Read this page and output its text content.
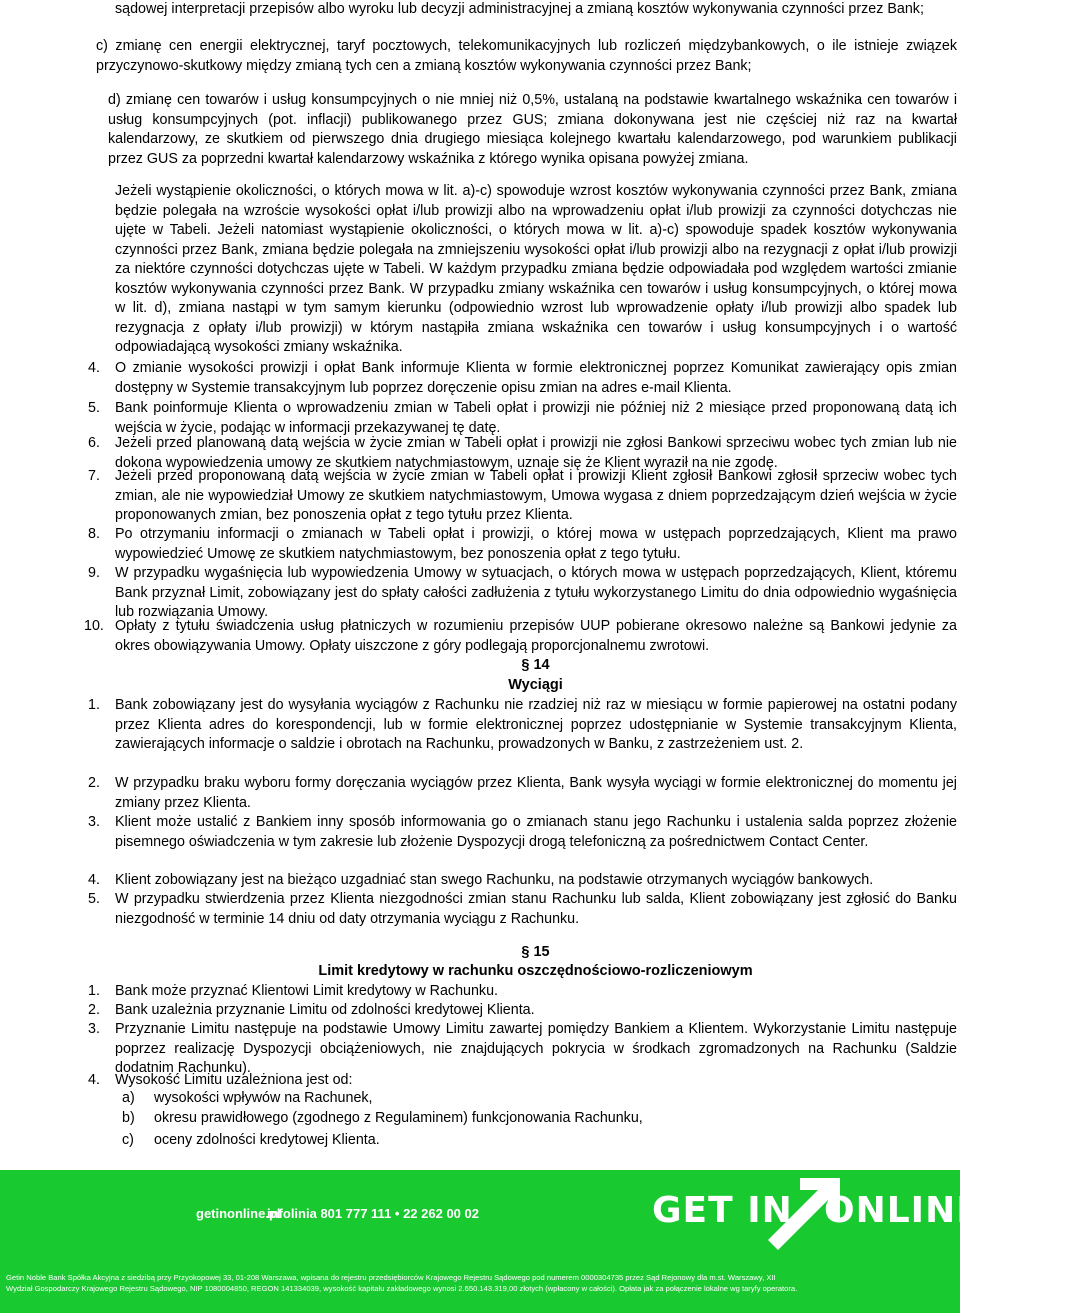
sądowej interpretacji przepisów albo wyroku lub decyzji administracyjnej a zmianą kosztów wykonywania czynności przez Bank;
c) zmianę cen energii elektrycznej, taryf pocztowych, telekomunikacyjnych lub rozliczeń międzybankowych, o ile istnieje związek przyczynowo-skutkowy między zmianą tych cen a zmianą kosztów wykonywania czynności przez Bank;
d) zmianę cen towarów i usług konsumpcyjnych o nie mniej niż 0,5%, ustalaną na podstawie kwartalnego wskaźnika cen towarów i usług konsumpcyjnych (pot. inflacji) publikowanego przez GUS; zmiana dokonywana jest nie częściej niż raz na kwartał kalendarzowy, ze skutkiem od pierwszego dnia drugiego miesiąca kolejnego kwartału kalendarzowego, pod warunkiem publikacji przez GUS za poprzedni kwartał kalendarzowy wskaźnika z którego wynika opisana powyżej zmiana.
Jeżeli wystąpienie okoliczności, o których mowa w lit. a)-c) spowoduje wzrost kosztów wykonywania czynności przez Bank, zmiana będzie polegała na wzroście wysokości opłat i/lub prowizji albo na wprowadzeniu opłat i/lub prowizji za czynności dotychczas nie ujęte w Tabeli. Jeżeli natomiast wystąpienie okoliczności, o których mowa w lit. a)-c) spowoduje spadek kosztów wykonywania czynności przez Bank, zmiana będzie polegała na zmniejszeniu wysokości opłat i/lub prowizji albo na rezygnacji z opłat i/lub prowizji za niektóre czynności dotychczas ujęte w Tabeli. W każdym przypadku zmiana będzie odpowiadała pod względem wartości zmianie kosztów wykonywania czynności przez Bank. W przypadku zmiany wskaźnika cen towarów i usług konsumpcyjnych, o której mowa w lit. d), zmiana nastąpi w tym samym kierunku (odpowiednio wzrost lub wprowadzenie opłaty i/lub prowizji albo spadek lub rezygnacja z opłaty i/lub prowizji) w którym nastąpiła zmiana wskaźnika cen towarów i usług konsumpcyjnych i o wartość odpowiadającą wysokości zmiany wskaźnika.
4. O zmianie wysokości prowizji i opłat Bank informuje Klienta w formie elektronicznej poprzez Komunikat zawierający opis zmian dostępny w Systemie transakcyjnym lub poprzez doręczenie opisu zmian na adres e-mail Klienta.
5. Bank poinformuje Klienta o wprowadzeniu zmian w Tabeli opłat i prowizji nie później niż 2 miesiące przed proponowaną datą ich wejścia w życie, podając w informacji przekazywanej tę datę.
6. Jeżeli przed planowaną datą wejścia w życie zmian w Tabeli opłat i prowizji nie zgłosi Bankowi sprzeciwu wobec tych zmian lub nie dokona wypowiedzenia umowy ze skutkiem natychmiastowym, uznaje się że Klient wyraził na nie zgodę.
7. Jeżeli przed proponowaną datą wejścia w życie zmian w Tabeli opłat i prowizji Klient zgłosił Bankowi zgłosił sprzeciw wobec tych zmian, ale nie wypowiedział Umowy ze skutkiem natychmiastowym, Umowa wygasa z dniem poprzedzającym dzień wejścia w życie proponowanych zmian, bez ponoszenia opłat z tego tytułu przez Klienta.
8. Po otrzymaniu informacji o zmianach w Tabeli opłat i prowizji, o której mowa w ustępach poprzedzających, Klient ma prawo wypowiedzieć Umowę ze skutkiem natychmiastowym, bez ponoszenia opłat z tego tytułu.
9. W przypadku wygaśnięcia lub wypowiedzenia Umowy w sytuacjach, o których mowa w ustępach poprzedzających, Klient, któremu Bank przyznał Limit, zobowiązany jest do spłaty całości zadłużenia z tytułu wykorzystanego Limitu do dnia odpowiednio wygaśnięcia lub rozwiązania Umowy.
10. Opłaty z tytułu świadczenia usług płatniczych w rozumieniu przepisów UUP pobierane okresowo należne są Bankowi jedynie za okres obowiązywania Umowy. Opłaty uiszczone z góry podlegają proporcjonalnemu zwrotowi.
§ 14
Wyciągi
1. Bank zobowiązany jest do wysyłania wyciągów z Rachunku nie rzadziej niż raz w miesiącu w formie papierowej na ostatni podany przez Klienta adres do korespondencji, lub w formie elektronicznej poprzez udostępnianie w Systemie transakcyjnym Klienta, zawierających informacje o saldzie i obrotach na Rachunku, prowadzonych w Banku, z zastrzeżeniem ust. 2.
2. W przypadku braku wyboru formy doręczania wyciągów przez Klienta, Bank wysyła wyciągi w formie elektronicznej do momentu jej zmiany przez Klienta.
3. Klient może ustalić z Bankiem inny sposób informowania go o zmianach stanu jego Rachunku i ustalenia salda poprzez złożenie pisemnego oświadczenia w tym zakresie lub złożenie Dyspozycji drogą telefoniczną za pośrednictwem Contact Center.
4. Klient zobowiązany jest na bieżąco uzgadniać stan swego Rachunku, na podstawie otrzymanych wyciągów bankowych.
5. W przypadku stwierdzenia przez Klienta niezgodności zmian stanu Rachunku lub salda, Klient zobowiązany jest zgłosić do Banku niezgodność w terminie 14 dniu od daty otrzymania wyciągu z Rachunku.
§ 15
Limit kredytowy w rachunku oszczędnościowo-rozliczeniowym
1. Bank może przyznać Klientowi Limit kredytowy w Rachunku.
2. Bank uzależnia przyznanie Limitu od zdolności kredytowej Klienta.
3. Przyznanie Limitu następuje na podstawie Umowy Limitu zawartej pomiędzy Bankiem a Klientem. Wykorzystanie Limitu następuje poprzez realizację Dyspozycji obciążeniowych, nie znajdujących pokrycia w środkach zgromadzonych na Rachunku (Saldzie dodatnim Rachunku).
4. Wysokość Limitu uzależniona jest od:
getinonline.pl
infolinia 801 777 111 • 22 262 00 02	GET IN ONLINE
Getin Noble Bank Spółka Akcyjna z siedzibą przy Przyokopowej 33, 01-208 Warszawa, wpisana do rejestru przedsiębiorców Krajowego Rejestru Sądowego pod numerem 0000304735 przez Sąd Rejonowy dla m.st. Warszawy, XII
Wydział Gospodarczy Krajowego Rejestru Sądowego, NIP 1080004850, REGON 141334039, wysokość kapitału zakładowego wynosi 2.650.143.319,00 złotych (wpłacony w całości). Opłata jak za połączenie lokalne wg taryfy operatora.
a) wysokości wpływów na Rachunek,
b) okresu prawidłowego (zgodnego z Regulaminem) funkcjonowania Rachunku,
c) oceny zdolności kredytowej Klienta.
